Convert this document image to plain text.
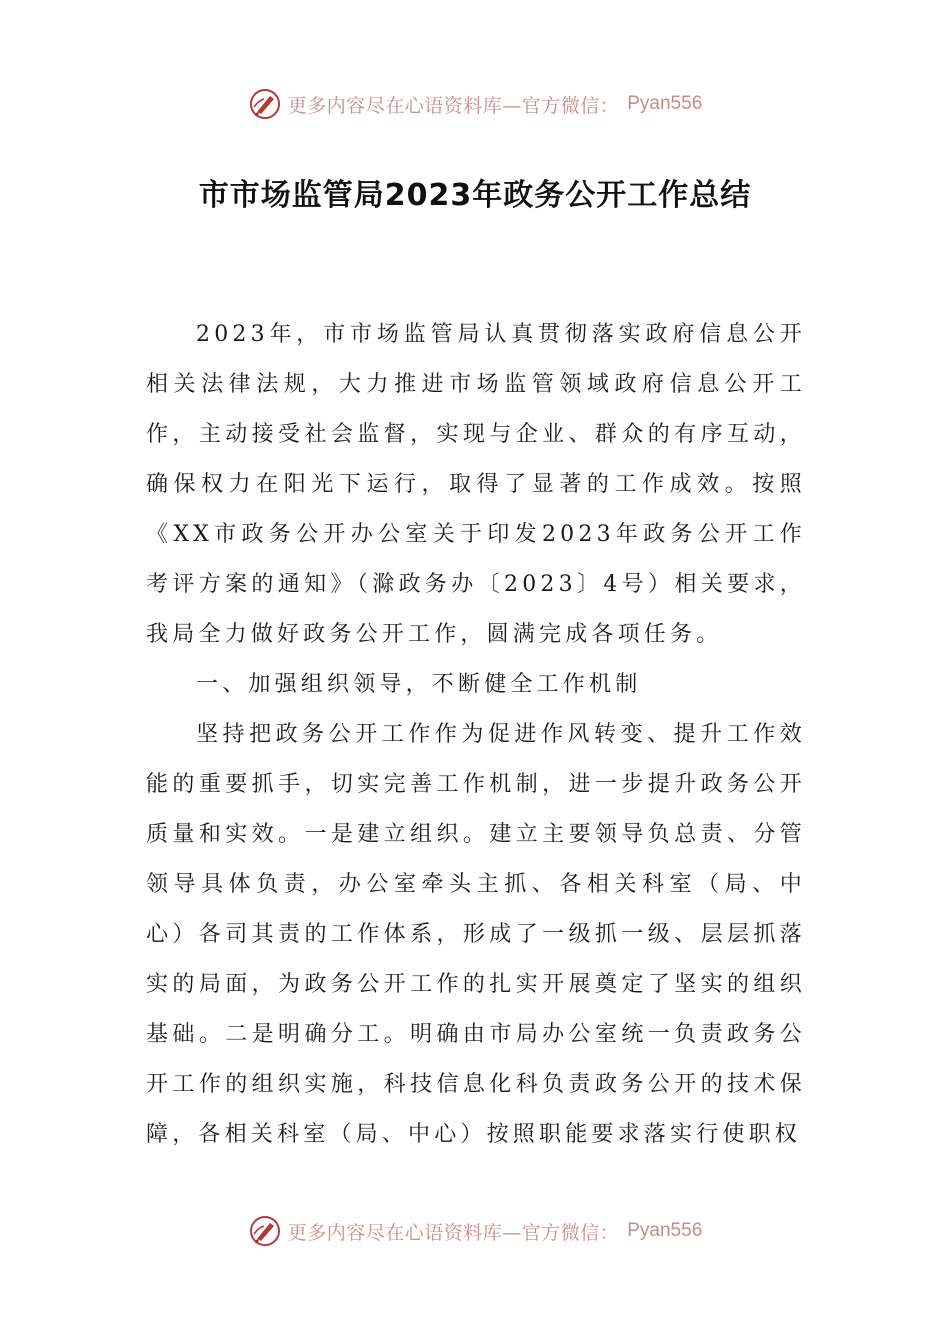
更多内容尽在心语资料库—官方微信： Pyan556
市市场监管局2023年政务公开工作总结

2023年，市市场监管局认真贯彻落实政府信息公开相关法律法规，大力推进市场监管领域政府信息公开工作，主动接受社会监督，实现与企业、群众的有序互动，确保权力在阳光下运行，取得了显著的工作成效。按照《XX市政务公开办公室关于印发2023年政务公开工作考评方案的通知》（滁政务办〔2023〕4号）相关要求，我局全力做好政务公开工作，圆满完成各项任务。

一、加强组织领导，不断健全工作机制

坚持把政务公开工作作为促进作风转变、提升工作效能的重要抓手，切实完善工作机制，进一步提升政务公开质量和实效。一是建立组织。建立主要领导负总责、分管领导具体负责，办公室牵头主抓、各相关科室（局、中心）各司其责的工作体系，形成了一级抓一级、层层抓落实的局面，为政务公开工作的扎实开展奠定了坚实的组织基础。二是明确分工。明确由市局办公室统一负责政务公开工作的组织实施，科技信息化科负责政务公开的技术保障，各相关科室（局、中心）按照职能要求落实行使职权

更多内容尽在心语资料库—官方微信： Pyan556
